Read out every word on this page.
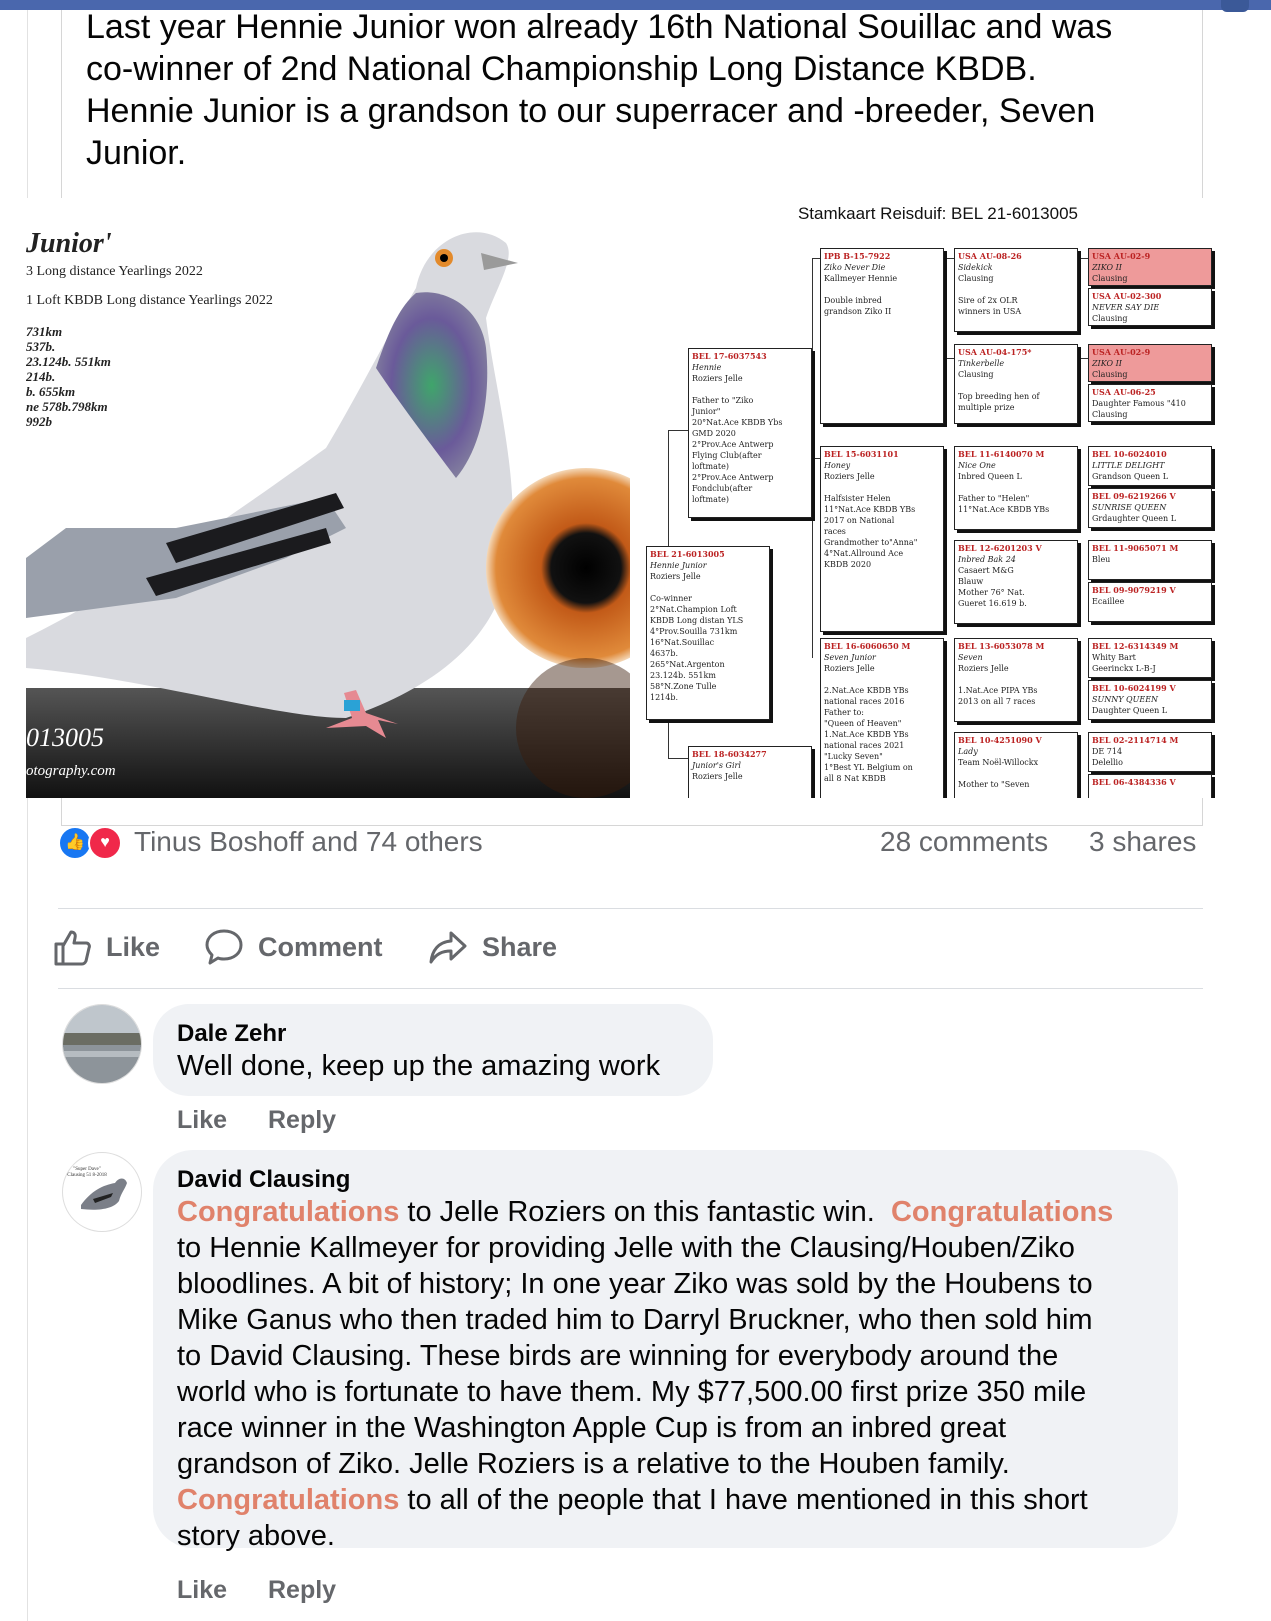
Last year Hennie Junior won already 16th National Souillac and was
co-winner of 2nd National Championship Long Distance KBDB.
Hennie Junior is a grandson to our superracer and -breeder, Seven
Junior.
Junior'
3 Long distance Yearlings 2022
1 Loft KBDB Long distance Yearlings 2022
731km
537b.
23.124b. 551km
214b.
b. 655km
ne 578b.798km
992b
013005
otography.com
Stamkaart Reisduif: BEL 21-6013005
BEL 21-6013005
Hennie Junior
Roziers Jelle

Co-winner
2°Nat.Champion Loft
KBDB Long distan YLS
4°Prov.Souilla 731km
16°Nat.Souillac
4637b.
265°Nat.Argenton
23.124b. 551km
58°N.Zone Tulle
1214b.
BEL 17-6037543
Hennie
Roziers Jelle

Father to "Ziko
Junior"
20°Nat.Ace KBDB Ybs
GMD 2020
2°Prov.Ace Antwerp
Flying Club(after
loftmate)
2°Prov.Ace Antwerp
Fondclub(after
loftmate)
BEL 18-6034277
Junior's Girl
Roziers Jelle
IPB B-15-7922
Ziko Never Die
Kallmeyer Hennie

Double inbred
grandson Ziko II
BEL 15-6031101
Honey
Roziers Jelle

Halfsister Helen
11°Nat.Ace KBDB YBs
2017 on National
races
Grandmother to"Anna"
4°Nat.Allround Ace
KBDB 2020
BEL 16-6060650 M
Seven Junior
Roziers Jelle

2.Nat.Ace KBDB YBs
national races 2016
Father to:
"Queen of Heaven"
1.Nat.Ace KBDB YBs
national races 2021
"Lucky Seven"
1°Best YL Belgium on
all 8 Nat KBDB
USA AU-08-26
Sidekick
Clausing

Sire of 2x OLR
winners in USA
USA AU-04-175*
Tinkerbelle
Clausing

Top breeding hen of
multiple prize
BEL 11-6140070 M
Nice One
Inbred Queen L

Father to "Helen"
11°Nat.Ace KBDB YBs
BEL 12-6201203 V
Inbred Bak 24
Casaert M&G
Blauw
Mother 76° Nat.
Gueret 16.619 b.
BEL 13-6053078 M
Seven
Roziers Jelle

1.Nat.Ace PIPA YBs
2013 on all 7 races
BEL 10-4251090 V
Lady
Team Noël-Willockx

Mother to "Seven
USA AU-02-9
ZIKO II
Clausing
USA AU-02-300
NEVER SAY DIE
Clausing
USA AU-02-9
ZIKO II
Clausing
USA AU-06-25
Daughter Famous "410
Clausing
BEL 10-6024010
LITTLE DELIGHT
Grandson Queen L
BEL 09-6219266 V
SUNRISE QUEEN
Grdaughter Queen L
BEL 11-9065071 M
Bleu
BEL 09-9079219 V
Ecaillee
BEL 12-6314349 M
Whity Bart
Geerinckx L-B-J
BEL 10-6024199 V
SUNNY QUEEN
Daughter Queen L
BEL 02-2114714 M
DE 714
Delellio
BEL 06-4384336 V
👍 ♥ Tinus Boshoff and 74 others	28 comments 3 shares
Like	Comment	Share
Dale Zehr
Well done, keep up the amazing work
Like Reply
"Super Dave" Clausing 51 8-2018	David Clausing
Congratulations to Jelle Roziers on this fantastic win.  Congratulations
to Hennie Kallmeyer for providing Jelle with the Clausing/Houben/Ziko
bloodlines. A bit of history; In one year Ziko was sold by the Houbens to
Mike Ganus who then traded him to Darryl Bruckner, who then sold him
to David Clausing. These birds are winning for everybody around the
world who is fortunate to have them. My $77,500.00 first prize 350 mile
race winner in the Washington Apple Cup is from an inbred great
grandson of Ziko. Jelle Roziers is a relative to the Houben family.
Congratulations to all of the people that I have mentioned in this short
story above.
Like Reply
